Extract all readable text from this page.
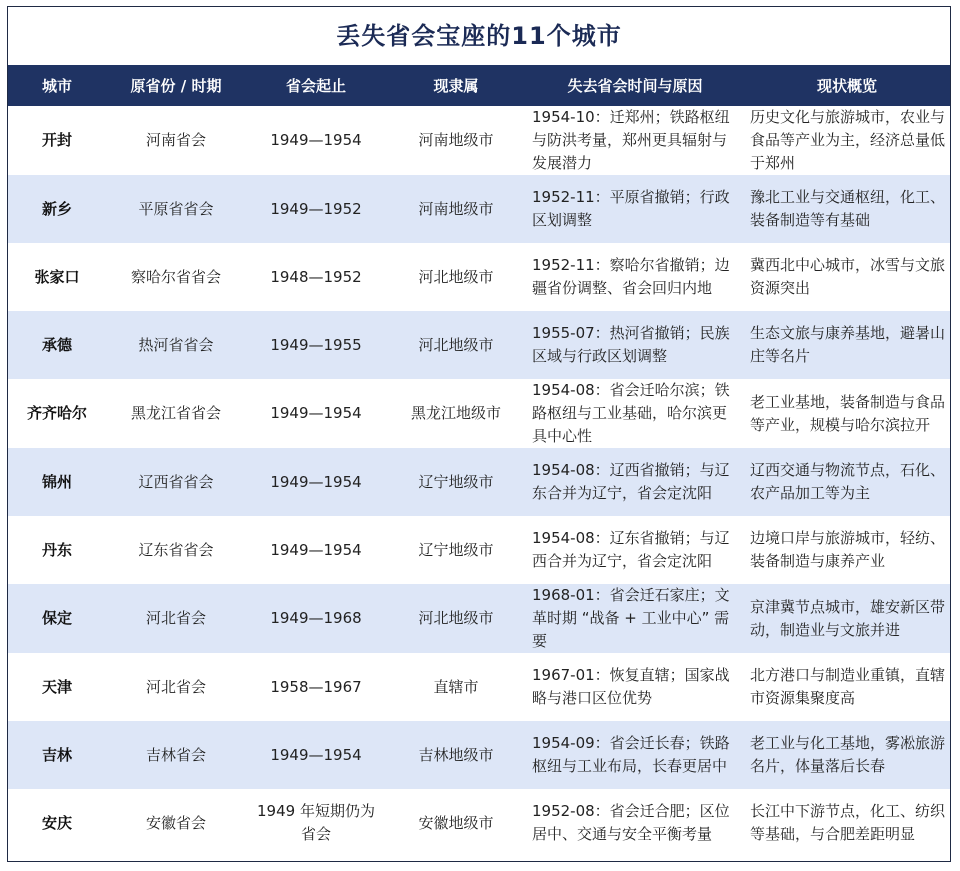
丢失省会宝座的11个城市
城市	原省份 / 时期	省会起止	现隶属	失去省会时间与原因	现状概览
开封	河南省会	1949—1954	河南地级市	1954-10：迁郑州；铁路枢纽与防洪考量，郑州更具辐射与发展潜力	历史文化与旅游城市，农业与食品等产业为主，经济总量低于郑州
新乡	平原省省会	1949—1952	河南地级市	1952-11：平原省撤销；行政区划调整	豫北工业与交通枢纽，化工、装备制造等有基础
张家口	察哈尔省省会	1948—1952	河北地级市	1952-11：察哈尔省撤销；边疆省份调整、省会回归内地	冀西北中心城市，冰雪与文旅资源突出
承德	热河省省会	1949—1955	河北地级市	1955-07：热河省撤销；民族区域与行政区划调整	生态文旅与康养基地，避暑山庄等名片
齐齐哈尔	黑龙江省省会	1949—1954	黑龙江地级市	1954-08：省会迁哈尔滨；铁路枢纽与工业基础，哈尔滨更具中心性	老工业基地，装备制造与食品等产业，规模与哈尔滨拉开
锦州	辽西省省会	1949—1954	辽宁地级市	1954-08：辽西省撤销；与辽东合并为辽宁，省会定沈阳	辽西交通与物流节点，石化、农产品加工等为主
丹东	辽东省省会	1949—1954	辽宁地级市	1954-08：辽东省撤销；与辽西合并为辽宁，省会定沈阳	边境口岸与旅游城市，轻纺、装备制造与康养产业
保定	河北省会	1949—1968	河北地级市	1968-01：省会迁石家庄；文革时期 “战备 + 工业中心” 需要	京津冀节点城市，雄安新区带动，制造业与文旅并进
天津	河北省会	1958—1967	直辖市	1967-01：恢复直辖；国家战略与港口区位优势	北方港口与制造业重镇，直辖市资源集聚度高
吉林	吉林省会	1949—1954	吉林地级市	1954-09：省会迁长春；铁路枢纽与工业布局，长春更居中	老工业与化工基地，雾凇旅游名片，体量落后长春
安庆	安徽省会	1949 年短期仍为省会	安徽地级市	1952-08：省会迁合肥；区位居中、交通与安全平衡考量	长江中下游节点，化工、纺织等基础，与合肥差距明显
